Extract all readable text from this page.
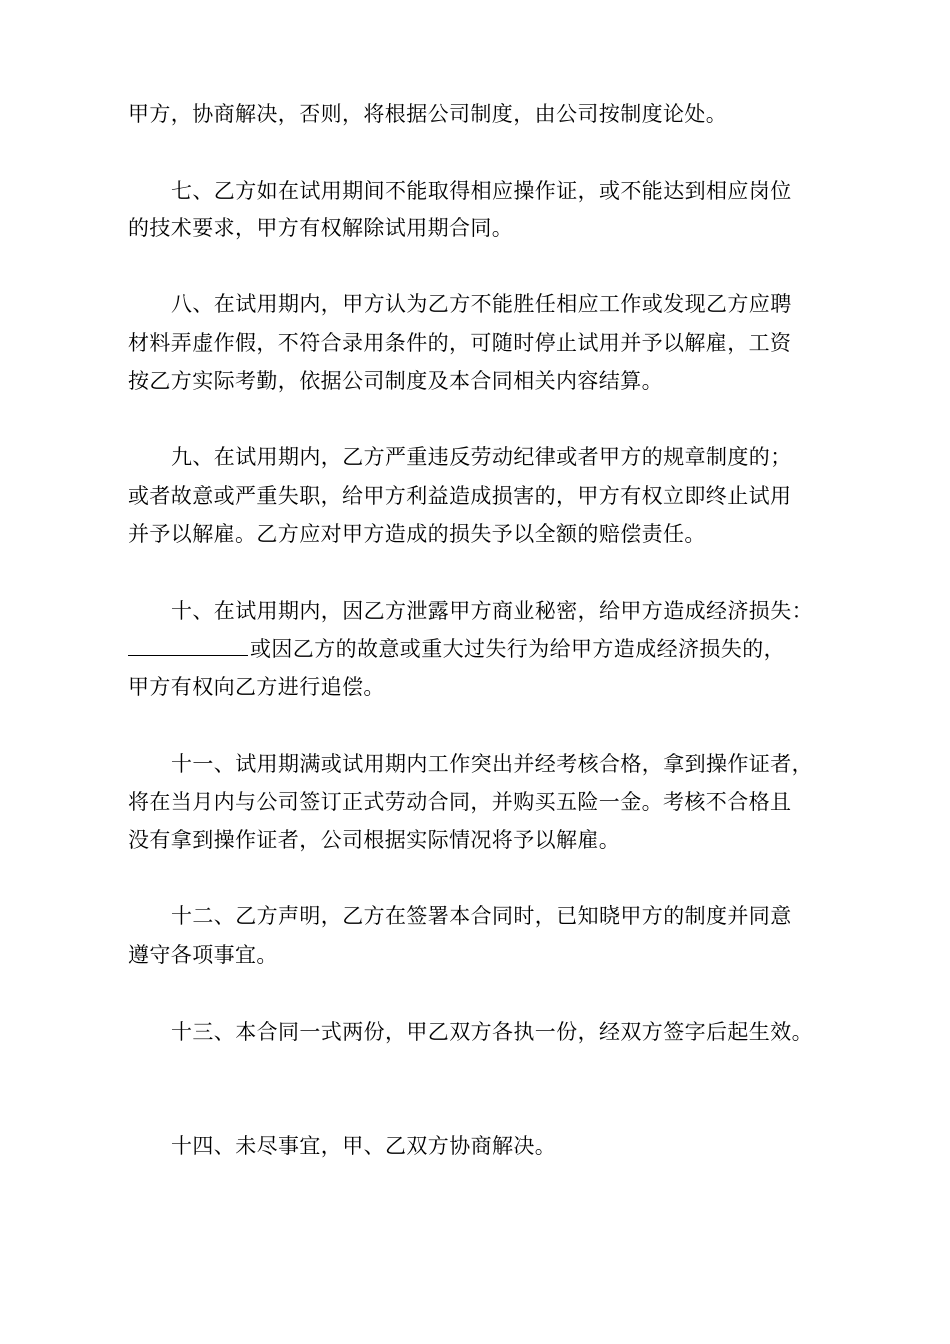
甲方，协商解决，否则，将根据公司制度，由公司按制度论处。
七、乙方如在试用期间不能取得相应操作证，或不能达到相应岗位
的技术要求，甲方有权解除试用期合同。
八、在试用期内，甲方认为乙方不能胜任相应工作或发现乙方应聘
材料弄虚作假，不符合录用条件的，可随时停止试用并予以解雇，工资
按乙方实际考勤，依据公司制度及本合同相关内容结算。
九、在试用期内，乙方严重违反劳动纪律或者甲方的规章制度的；
或者故意或严重失职，给甲方利益造成损害的，甲方有权立即终止试用
并予以解雇。乙方应对甲方造成的损失予以全额的赔偿责任。
十、在试用期内，因乙方泄露甲方商业秘密，给甲方造成经济损失：
或因乙方的故意或重大过失行为给甲方造成经济损失的，
甲方有权向乙方进行追偿。
十一、试用期满或试用期内工作突出并经考核合格，拿到操作证者，
将在当月内与公司签订正式劳动合同，并购买五险一金。考核不合格且
没有拿到操作证者，公司根据实际情况将予以解雇。
十二、乙方声明，乙方在签署本合同时，已知晓甲方的制度并同意
遵守各项事宜。
十三、本合同一式两份，甲乙双方各执一份，经双方签字后起生效。
十四、未尽事宜，甲、乙双方协商解决。
